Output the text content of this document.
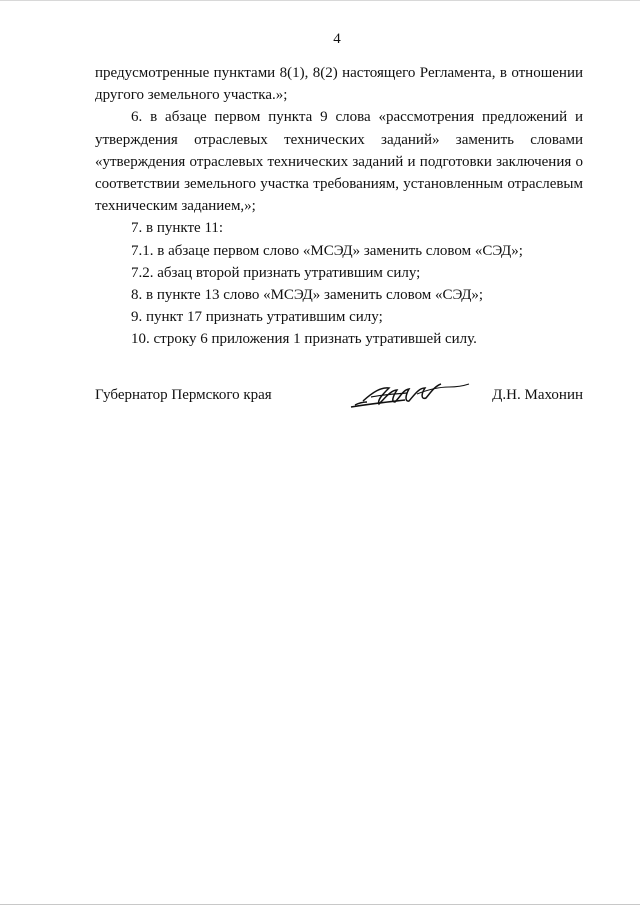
4

предусмотренные пунктами 8(1), 8(2) настоящего Регламента, в отношении другого земельного участка.»;

6. в абзаце первом пункта 9 слова «рассмотрения предложений и утверждения отраслевых технических заданий» заменить словами «утверждения отраслевых технических заданий и подготовки заключения о соответствии земельного участка требованиям, установленным отраслевым техническим заданием,»;

7. в пункте 11:

7.1. в абзаце первом слово «МСЭД» заменить словом «СЭД»;

7.2. абзац второй признать утратившим силу;

8. в пункте 13 слово «МСЭД» заменить словом «СЭД»;

9. пункт 17 признать утратившим силу;

10. строку 6 приложения 1 признать утратившей силу.

Губернатор Пермского края	Д.Н. Махонин
